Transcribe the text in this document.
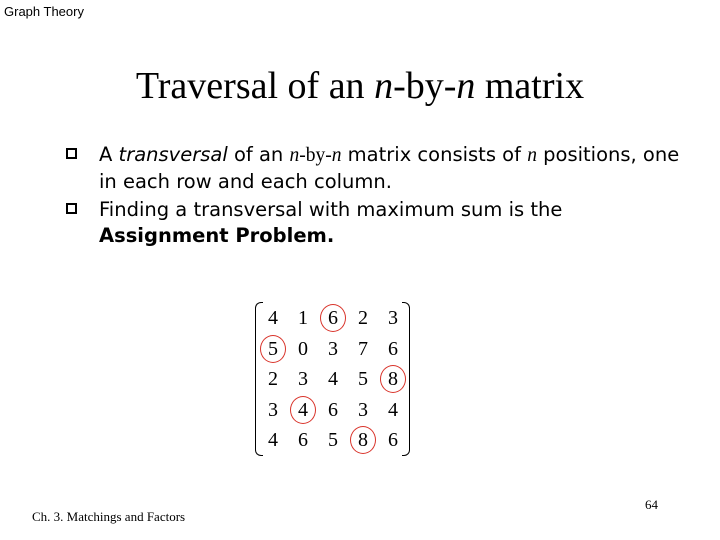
Graph Theory
Traversal of an n-by-n matrix
A transversal of an n-by-n matrix consists of n positions, one in each row and each column.
Finding a transversal with maximum sum is the Assignment Problem.
4	1	6	2	3
5	0	3	7	6
2	3	4	5	8
3	4	6	3	4
4	6	5	8	6
Ch. 3. Matchings and Factors
64
